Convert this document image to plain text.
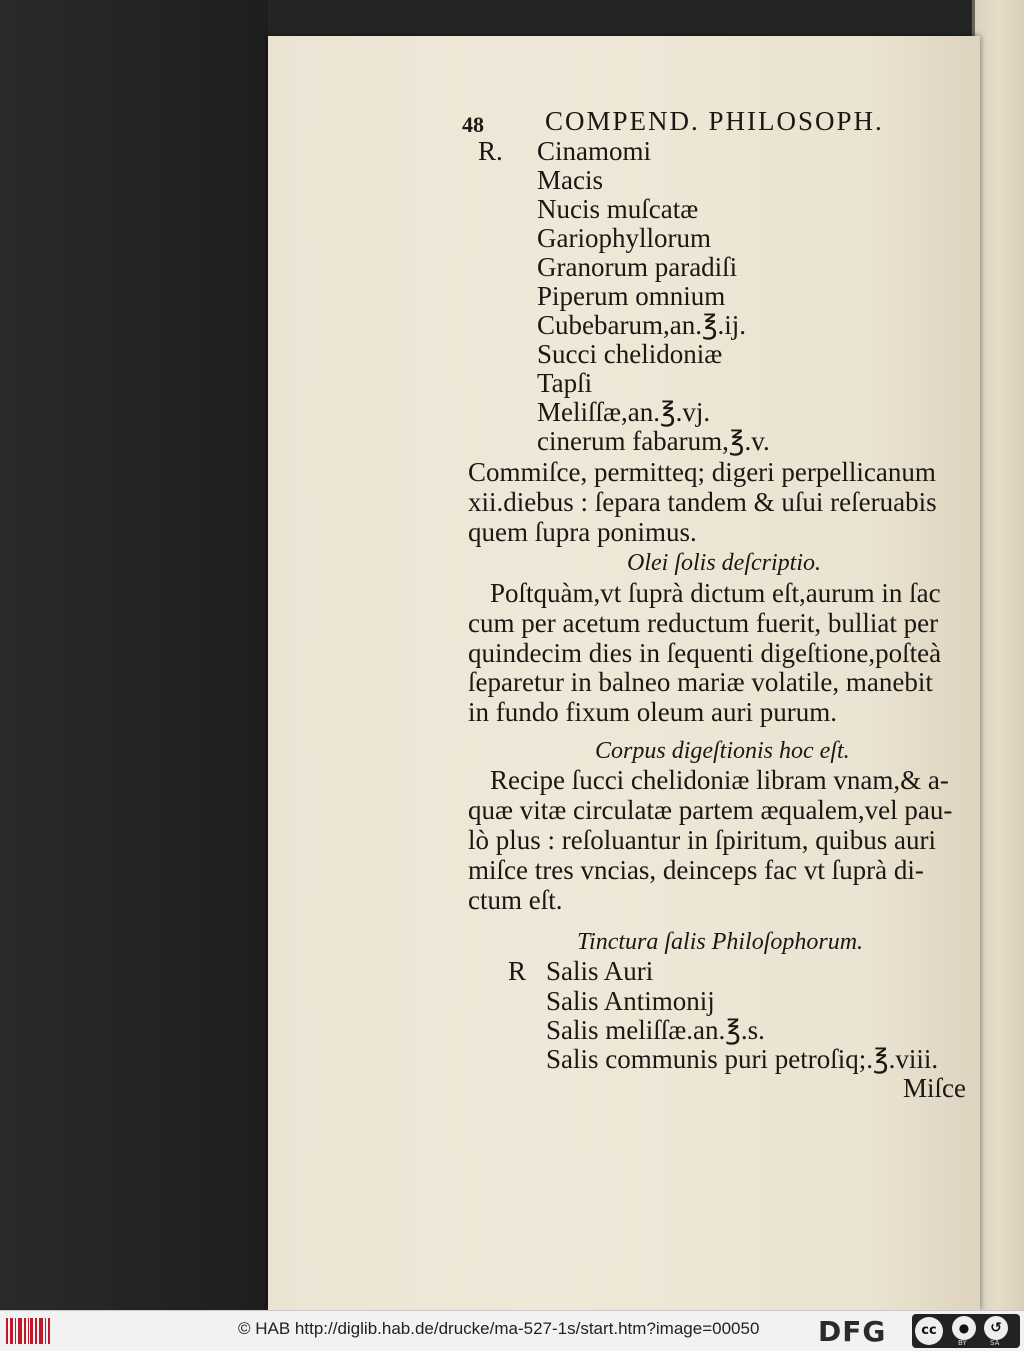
48 COMPEND. PHILOSOPH.
R. Cinamomi
Macis
Nucis muſcatæ
Gariophyllorum
Granorum paradiſi
Piperum omnium
Cubebarum,an.℥.ij.
Succi chelidoniæ
Tapſi
Meliſſæ,an.℥.vj.
cinerum fabarum,℥.v.
Commiſce, permitteq; digeri perpellicanum
xii.diebus : ſepara tandem & uſui reſeruabis
quem ſupra ponimus.
Olei ſolis deſcriptio.
Poſtquàm,vt ſuprà dictum eſt,aurum in ſac
cum per acetum reductum fuerit, bulliat per
quindecim dies in ſequenti digeſtione,poſteà
ſeparetur in balneo mariæ volatile, manebit
in fundo fixum oleum auri purum.
Corpus digeſtionis hoc eſt.
Recipe ſucci chelidoniæ libram vnam,& a-
quæ vitæ circulatæ partem æqualem,vel pau-
lò plus : reſoluantur in ſpiritum, quibus auri
miſce tres vncias, deinceps fac vt ſuprà di-
ctum eſt.
Tinctura ſalis Philoſophorum.
R Salis Auri
Salis Antimonij
Salis meliſſæ.an.℥.s.
Salis communis puri petroſiq;.℥.viii.
Miſce
© HAB http://diglib.hab.de/drucke/ma-527-1s/start.htm?image=00050 DFG	cc	●	↺
BY	SA
